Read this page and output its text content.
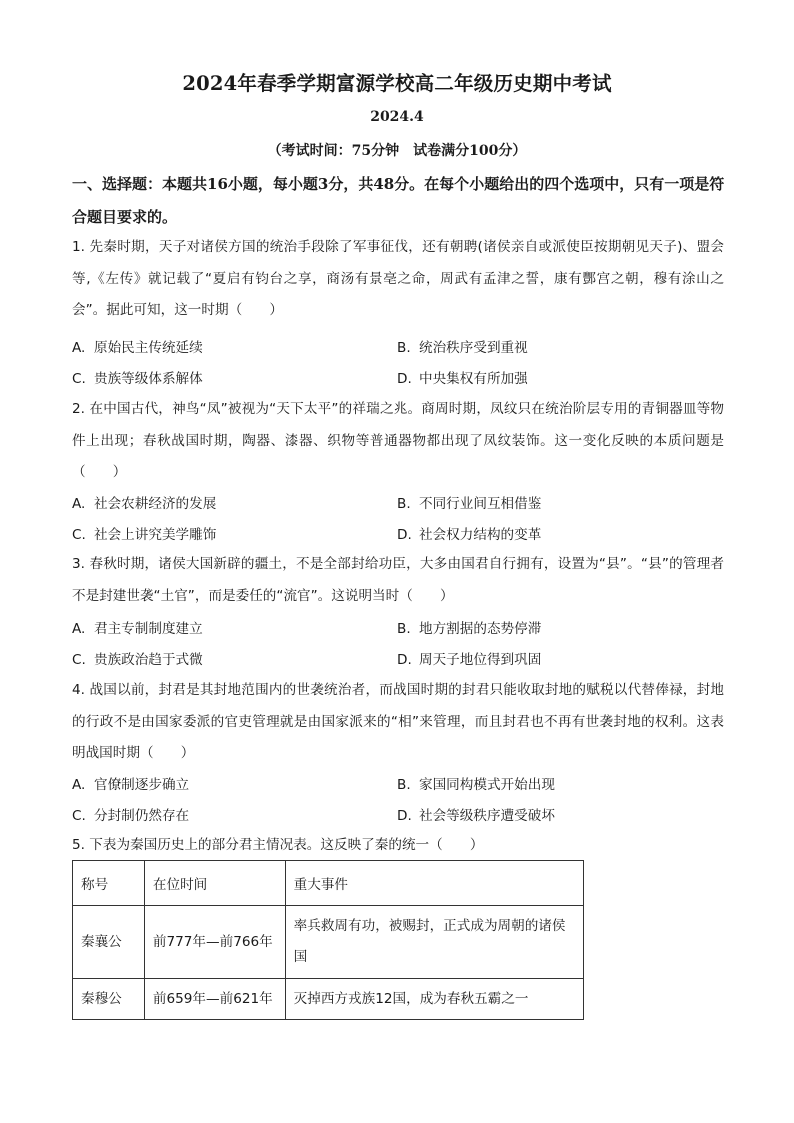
2024年春季学期富源学校高二年级历史期中考试
2024.4
（考试时间：75分钟　试卷满分100分）
一、选择题：本题共16小题，每小题3分，共48分。在每个小题给出的四个选项中，只有一项是符合题目要求的。
1. 先秦时期，天子对诸侯方国的统治手段除了军事征伐，还有朝聘(诸侯亲自或派使臣按期朝见天子)、盟会等,《左传》就记载了“夏启有钧台之享，商汤有景亳之命，周武有孟津之誓，康有酆宫之朝，穆有涂山之会”。据此可知，这一时期（　　）
A. 原始民主传统延续	B. 统治秩序受到重视
C. 贵族等级体系解体	D. 中央集权有所加强
2. 在中国古代，神鸟“凤”被视为“天下太平”的祥瑞之兆。商周时期，凤纹只在统治阶层专用的青铜器皿等物件上出现；春秋战国时期，陶器、漆器、织物等普通器物都出现了凤纹装饰。这一变化反映的本质问题是（　　）
A. 社会农耕经济的发展	B. 不同行业间互相借鉴
C. 社会上讲究美学雕饰	D. 社会权力结构的变革
3. 春秋时期，诸侯大国新辟的疆土，不是全部封给功臣，大多由国君自行拥有，设置为“县”。“县”的管理者不是封建世袭“土官”，而是委任的“流官”。这说明当时（　　）
A. 君主专制制度建立	B. 地方割据的态势停滞
C. 贵族政治趋于式微	D. 周天子地位得到巩固
4. 战国以前，封君是其封地范围内的世袭统治者，而战国时期的封君只能收取封地的赋税以代替俸禄，封地的行政不是由国家委派的官吏管理就是由国家派来的“相”来管理，而且封君也不再有世袭封地的权利。这表明战国时期（　　）
A. 官僚制逐步确立	B. 家国同构模式开始出现
C. 分封制仍然存在	D. 社会等级秩序遭受破坏
5. 下表为秦国历史上的部分君主情况表。这反映了秦的统一（　　）
称号	在位时间	重大事件
秦襄公	前777年—前766年	率兵救周有功，被赐封，正式成为周朝的诸侯国
秦穆公	前659年—前621年	灭掉西方戎族12国，成为春秋五霸之一
